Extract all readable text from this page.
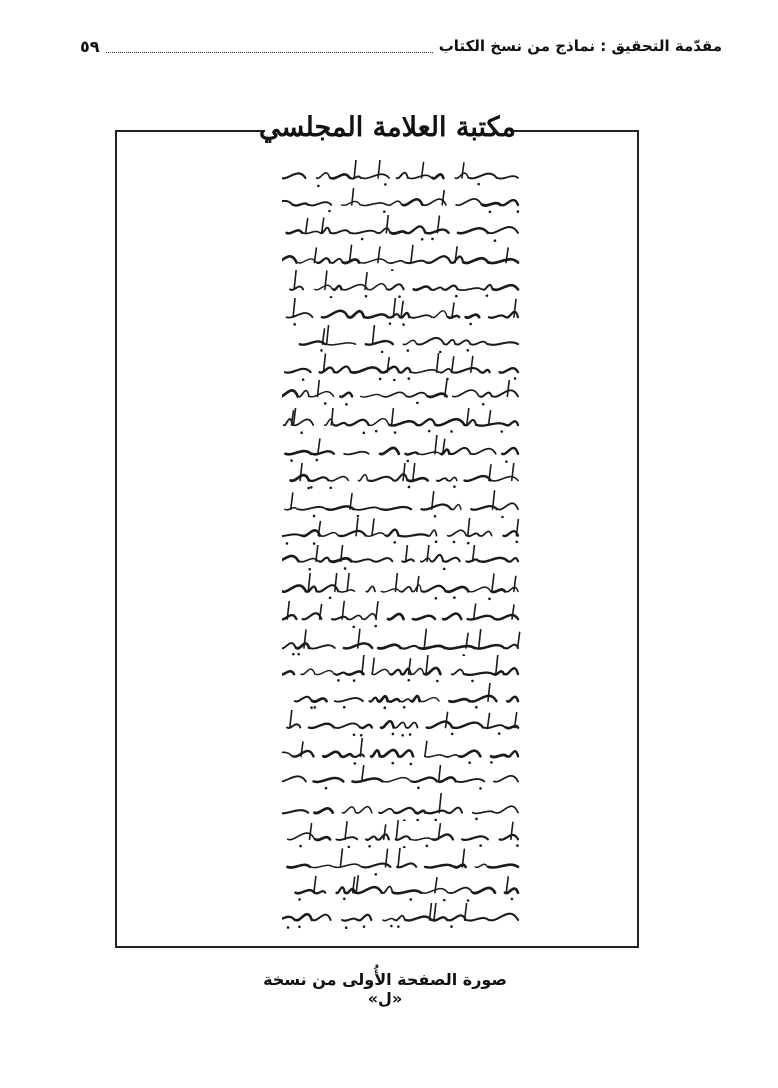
مقدّمة التحقيق : نماذج من نسخ الكتاب
٥٩
مكتبة العلامة المجلسي
صورة الصفحة الأُولى من نسخة «ل»
